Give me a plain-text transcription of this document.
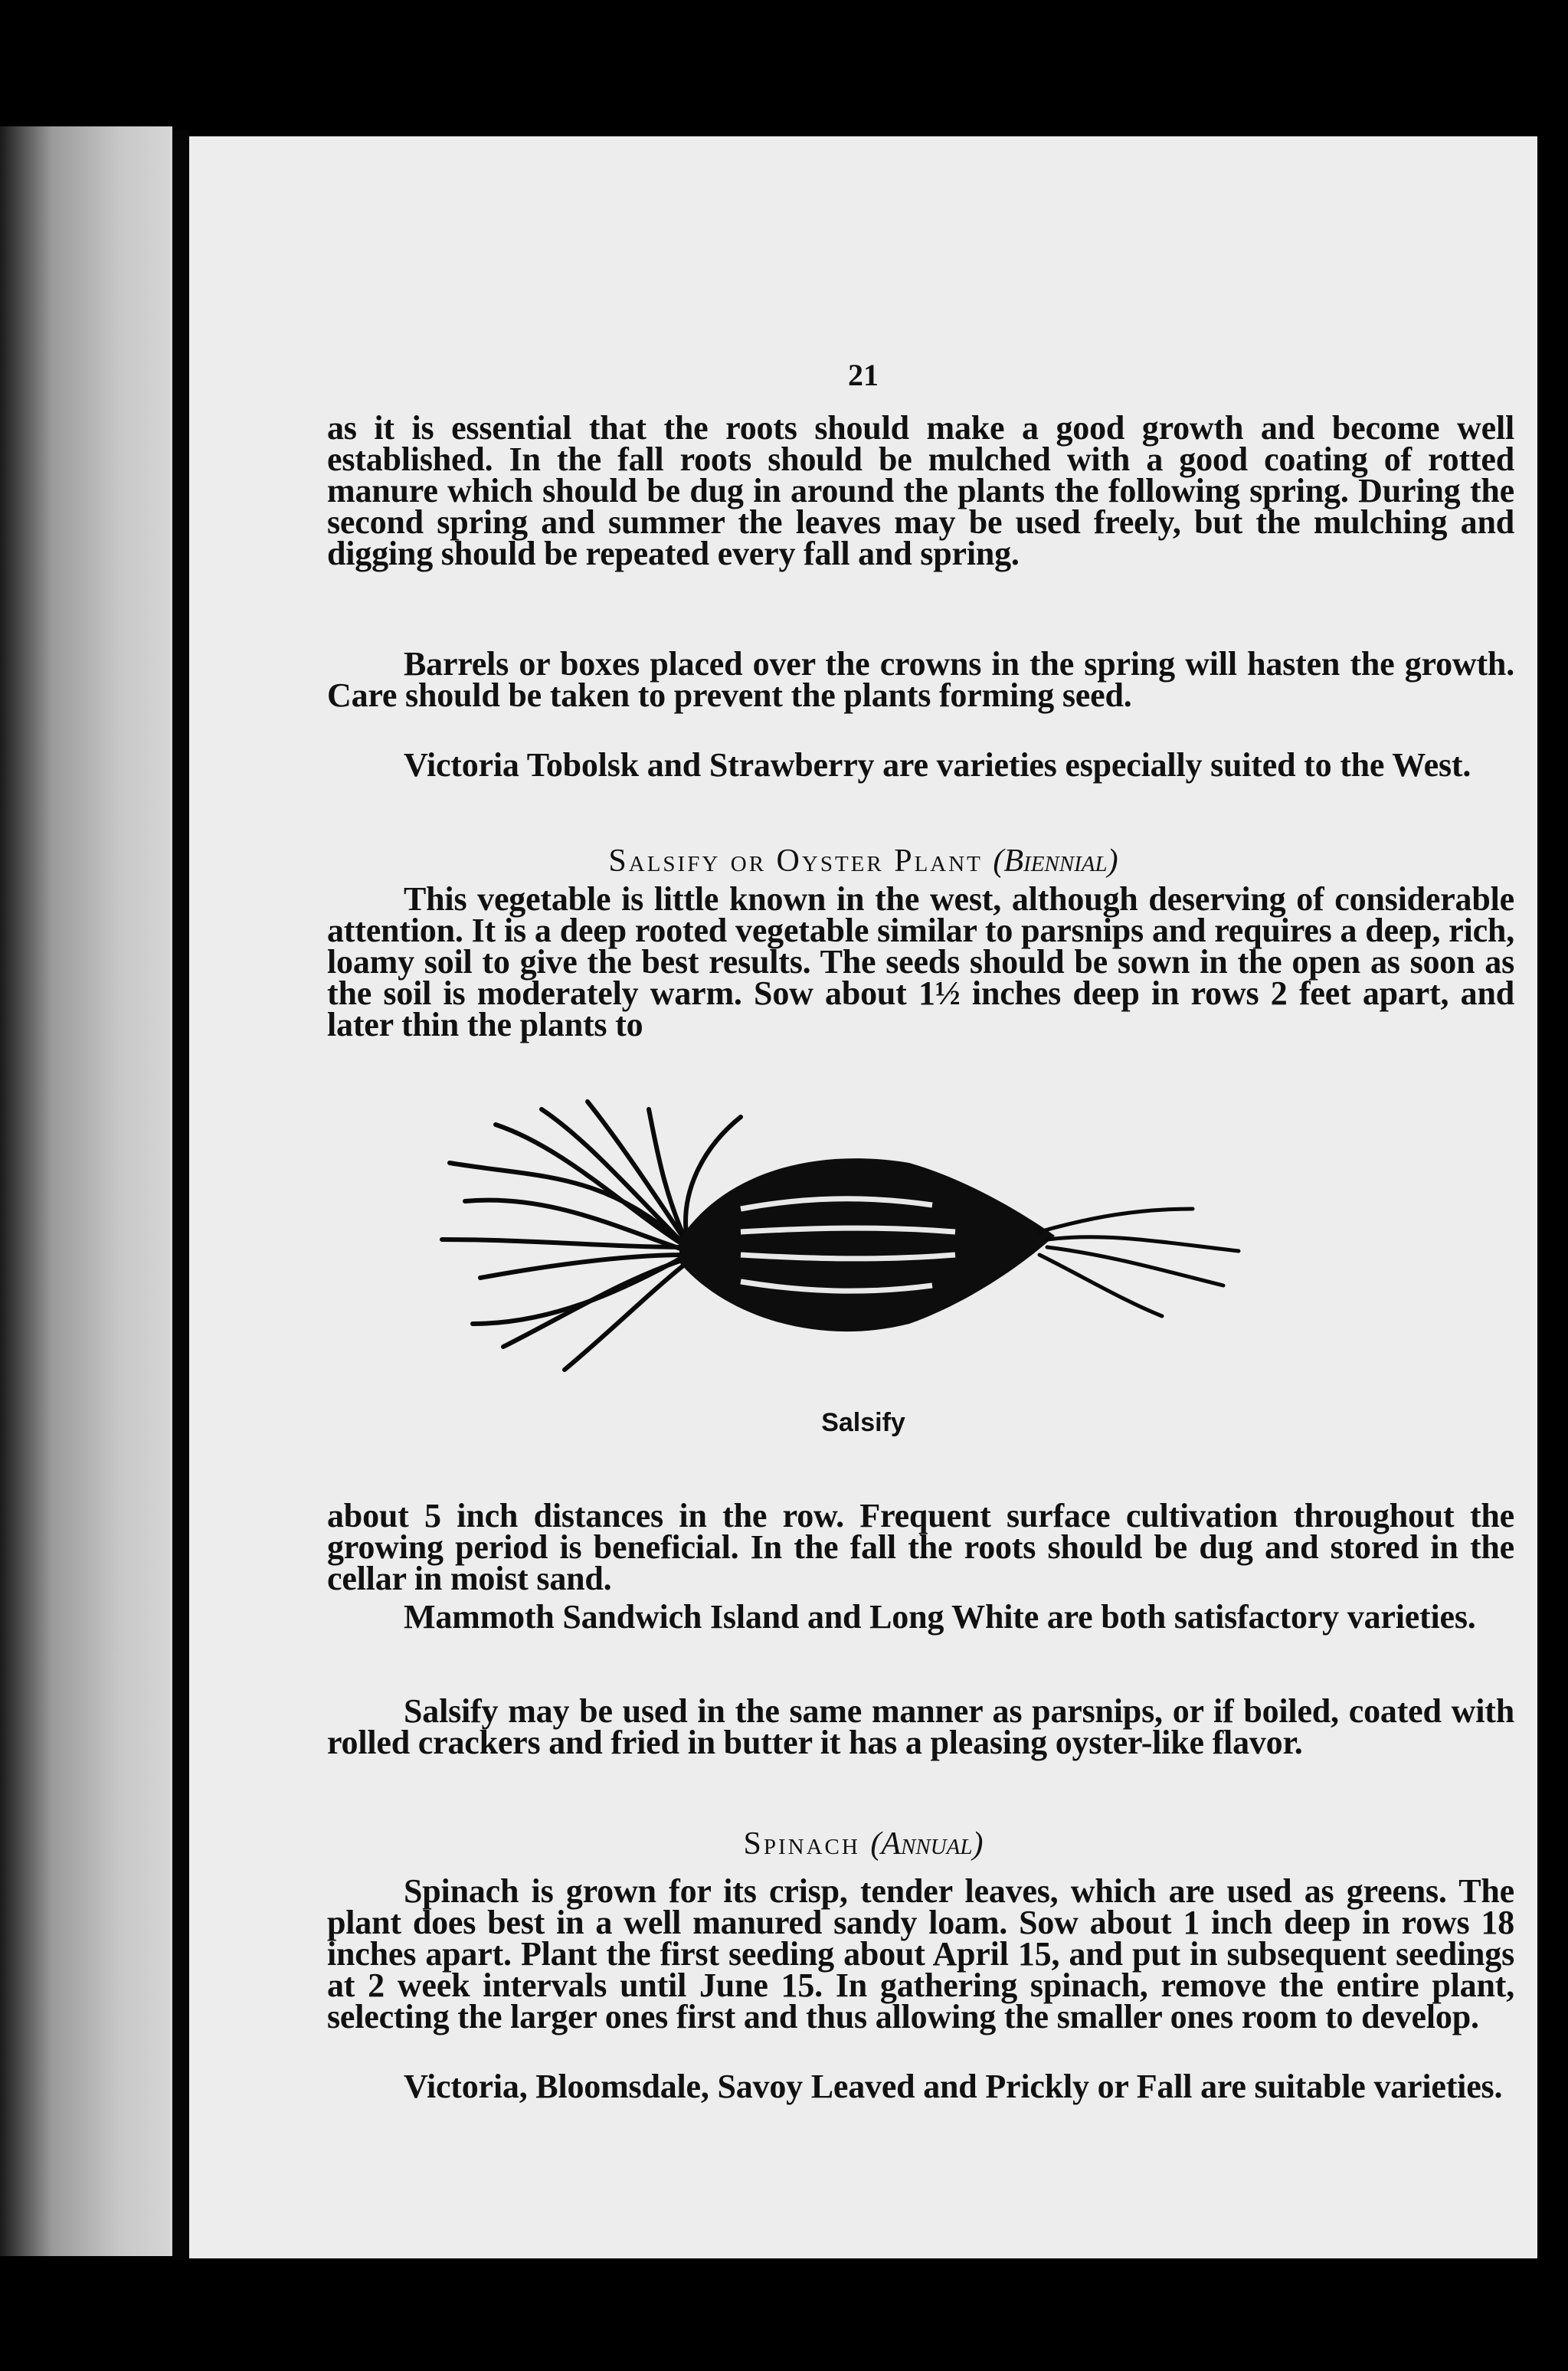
21

as it is essential that the roots should make a good growth and become well established. In the fall roots should be mulched with a good coating of rotted manure which should be dug in around the plants the following spring. During the second spring and summer the leaves may be used freely, but the mulching and digging should be repeated every fall and spring.

Barrels or boxes placed over the crowns in the spring will hasten the growth. Care should be taken to prevent the plants forming seed.

Victoria Tobolsk and Strawberry are varieties especially suited to the West.

Salsify or Oyster Plant (Biennial)

This vegetable is little known in the west, although deserving of considerable attention. It is a deep rooted vegetable similar to parsnips and requires a deep, rich, loamy soil to give the best results. The seeds should be sown in the open as soon as the soil is moderately warm. Sow about 1½ inches deep in rows 2 feet apart, and later thin the plants to

Salsify

about 5 inch distances in the row. Frequent surface cultivation throughout the growing period is beneficial. In the fall the roots should be dug and stored in the cellar in moist sand.

Mammoth Sandwich Island and Long White are both satisfactory varieties.

Salsify may be used in the same manner as parsnips, or if boiled, coated with rolled crackers and fried in butter it has a pleasing oyster-like flavor.

Spinach (Annual)

Spinach is grown for its crisp, tender leaves, which are used as greens. The plant does best in a well manured sandy loam. Sow about 1 inch deep in rows 18 inches apart. Plant the first seeding about April 15, and put in subsequent seedings at 2 week intervals until June 15. In gathering spinach, remove the entire plant, selecting the larger ones first and thus allowing the smaller ones room to develop.

Victoria, Bloomsdale, Savoy Leaved and Prickly or Fall are suitable varieties.
